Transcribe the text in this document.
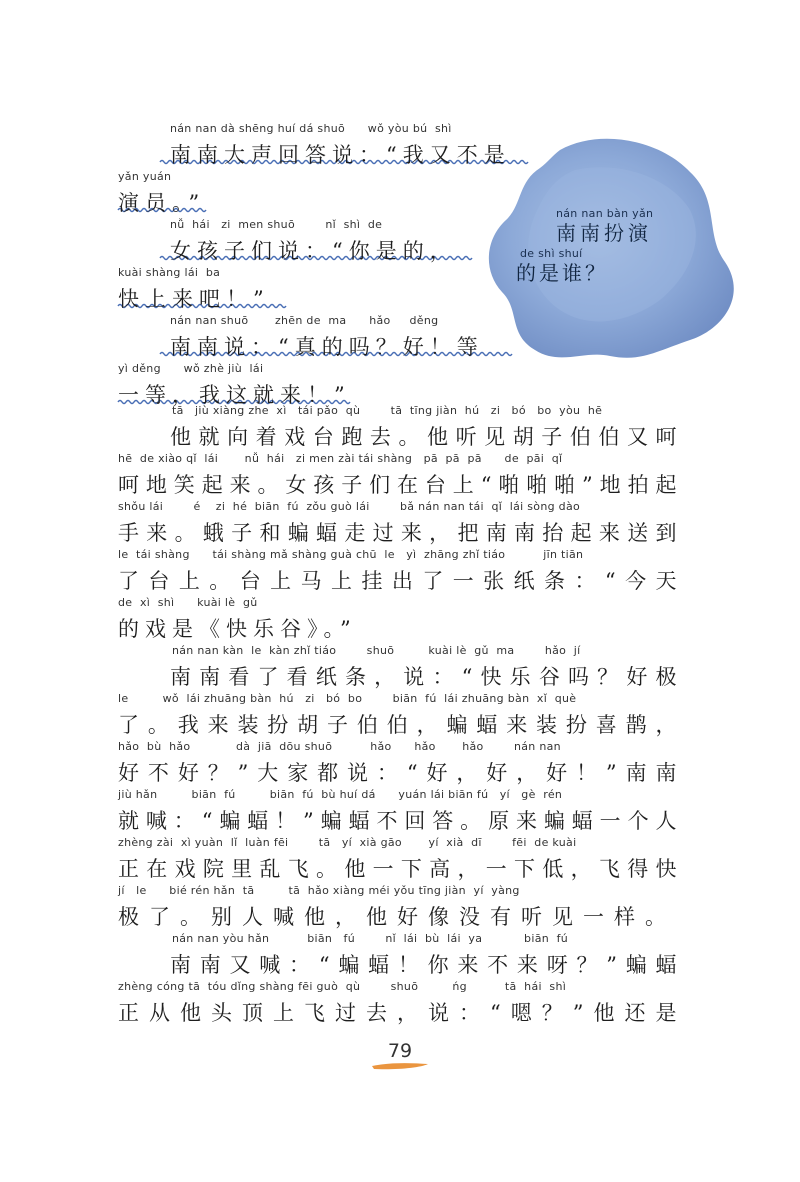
nán nan bàn yǎn
南南扮演
de shì shuí
的是谁？
nán nan dà shēng huí dá shuō      wǒ yòu bú  shì
南南大声回答说：“我又不是
yǎn yuán
演员。”
nǚ  hái   zi  men shuō        nǐ  shì  de
女孩子们说：“你是的，
kuài shàng lái  ba
快上来吧！”
nán nan shuō       zhēn de  ma      hǎo     děng
南南说：“真的吗？好！等
yì děng      wǒ zhè jiù  lái
一等，我这就来！”
tā   jiù xiàng zhe  xì   tái pǎo  qù        tā  tīng jiàn  hú   zi   bó   bo  yòu  hē
他就向着戏台跑去。他听见胡子伯伯又呵
hē  de xiào qǐ  lái       nǚ  hái   zi men zài tái shàng   pā  pā  pā      de  pāi  qǐ
呵地笑起来。女孩子们在台上“啪啪啪”地拍起
shǒu lái        é    zi  hé  biān  fú  zǒu guò lái        bǎ nán nan tái  qǐ  lái sòng dào
手来。蛾子和蝙蝠走过来，把南南抬起来送到
le  tái shàng      tái shàng mǎ shàng guà chū  le   yì  zhāng zhǐ tiáo          jīn tiān
了台上。台上马上挂出了一张纸条：“今天
de  xì  shì      kuài lè  gǔ
的戏是《快乐谷》。”
nán nan kàn  le  kàn zhǐ tiáo        shuō         kuài lè  gǔ  ma        hǎo  jí
南南看了看纸条，说：“快乐谷吗？好极
le         wǒ  lái zhuāng bàn  hú   zi   bó  bo        biān  fú  lái zhuāng bàn  xǐ  què
了。我来装扮胡子伯伯，蝙蝠来装扮喜鹊，
hǎo  bù  hǎo            dà  jiā  dōu shuō          hǎo      hǎo       hǎo        nán nan
好不好？”大家都说：“好，好，好！”南南
jiù hǎn         biān  fú         biān  fú  bù huí dá      yuán lái biān fú   yí   gè  rén
就喊：“蝙蝠！”蝙蝠不回答。原来蝙蝠一个人
zhèng zài  xì yuàn  lǐ  luàn fēi        tā   yí  xià gāo       yí  xià  dī        fēi  de kuài
正在戏院里乱飞。他一下高，一下低，飞得快
jí   le      bié rén hǎn  tā         tā  hǎo xiàng méi yǒu tīng jiàn  yí  yàng
极了。别人喊他，他好像没有听见一样。
nán nan yòu hǎn          biān   fú        nǐ  lái  bù  lái  ya           biān  fú
南南又喊：“蝙蝠！你来不来呀？”蝙蝠
zhèng cóng tā  tóu dǐng shàng fēi guò  qù        shuō         ńg          tā  hái  shì
正从他头顶上飞过去，说：“嗯？”他还是
79
